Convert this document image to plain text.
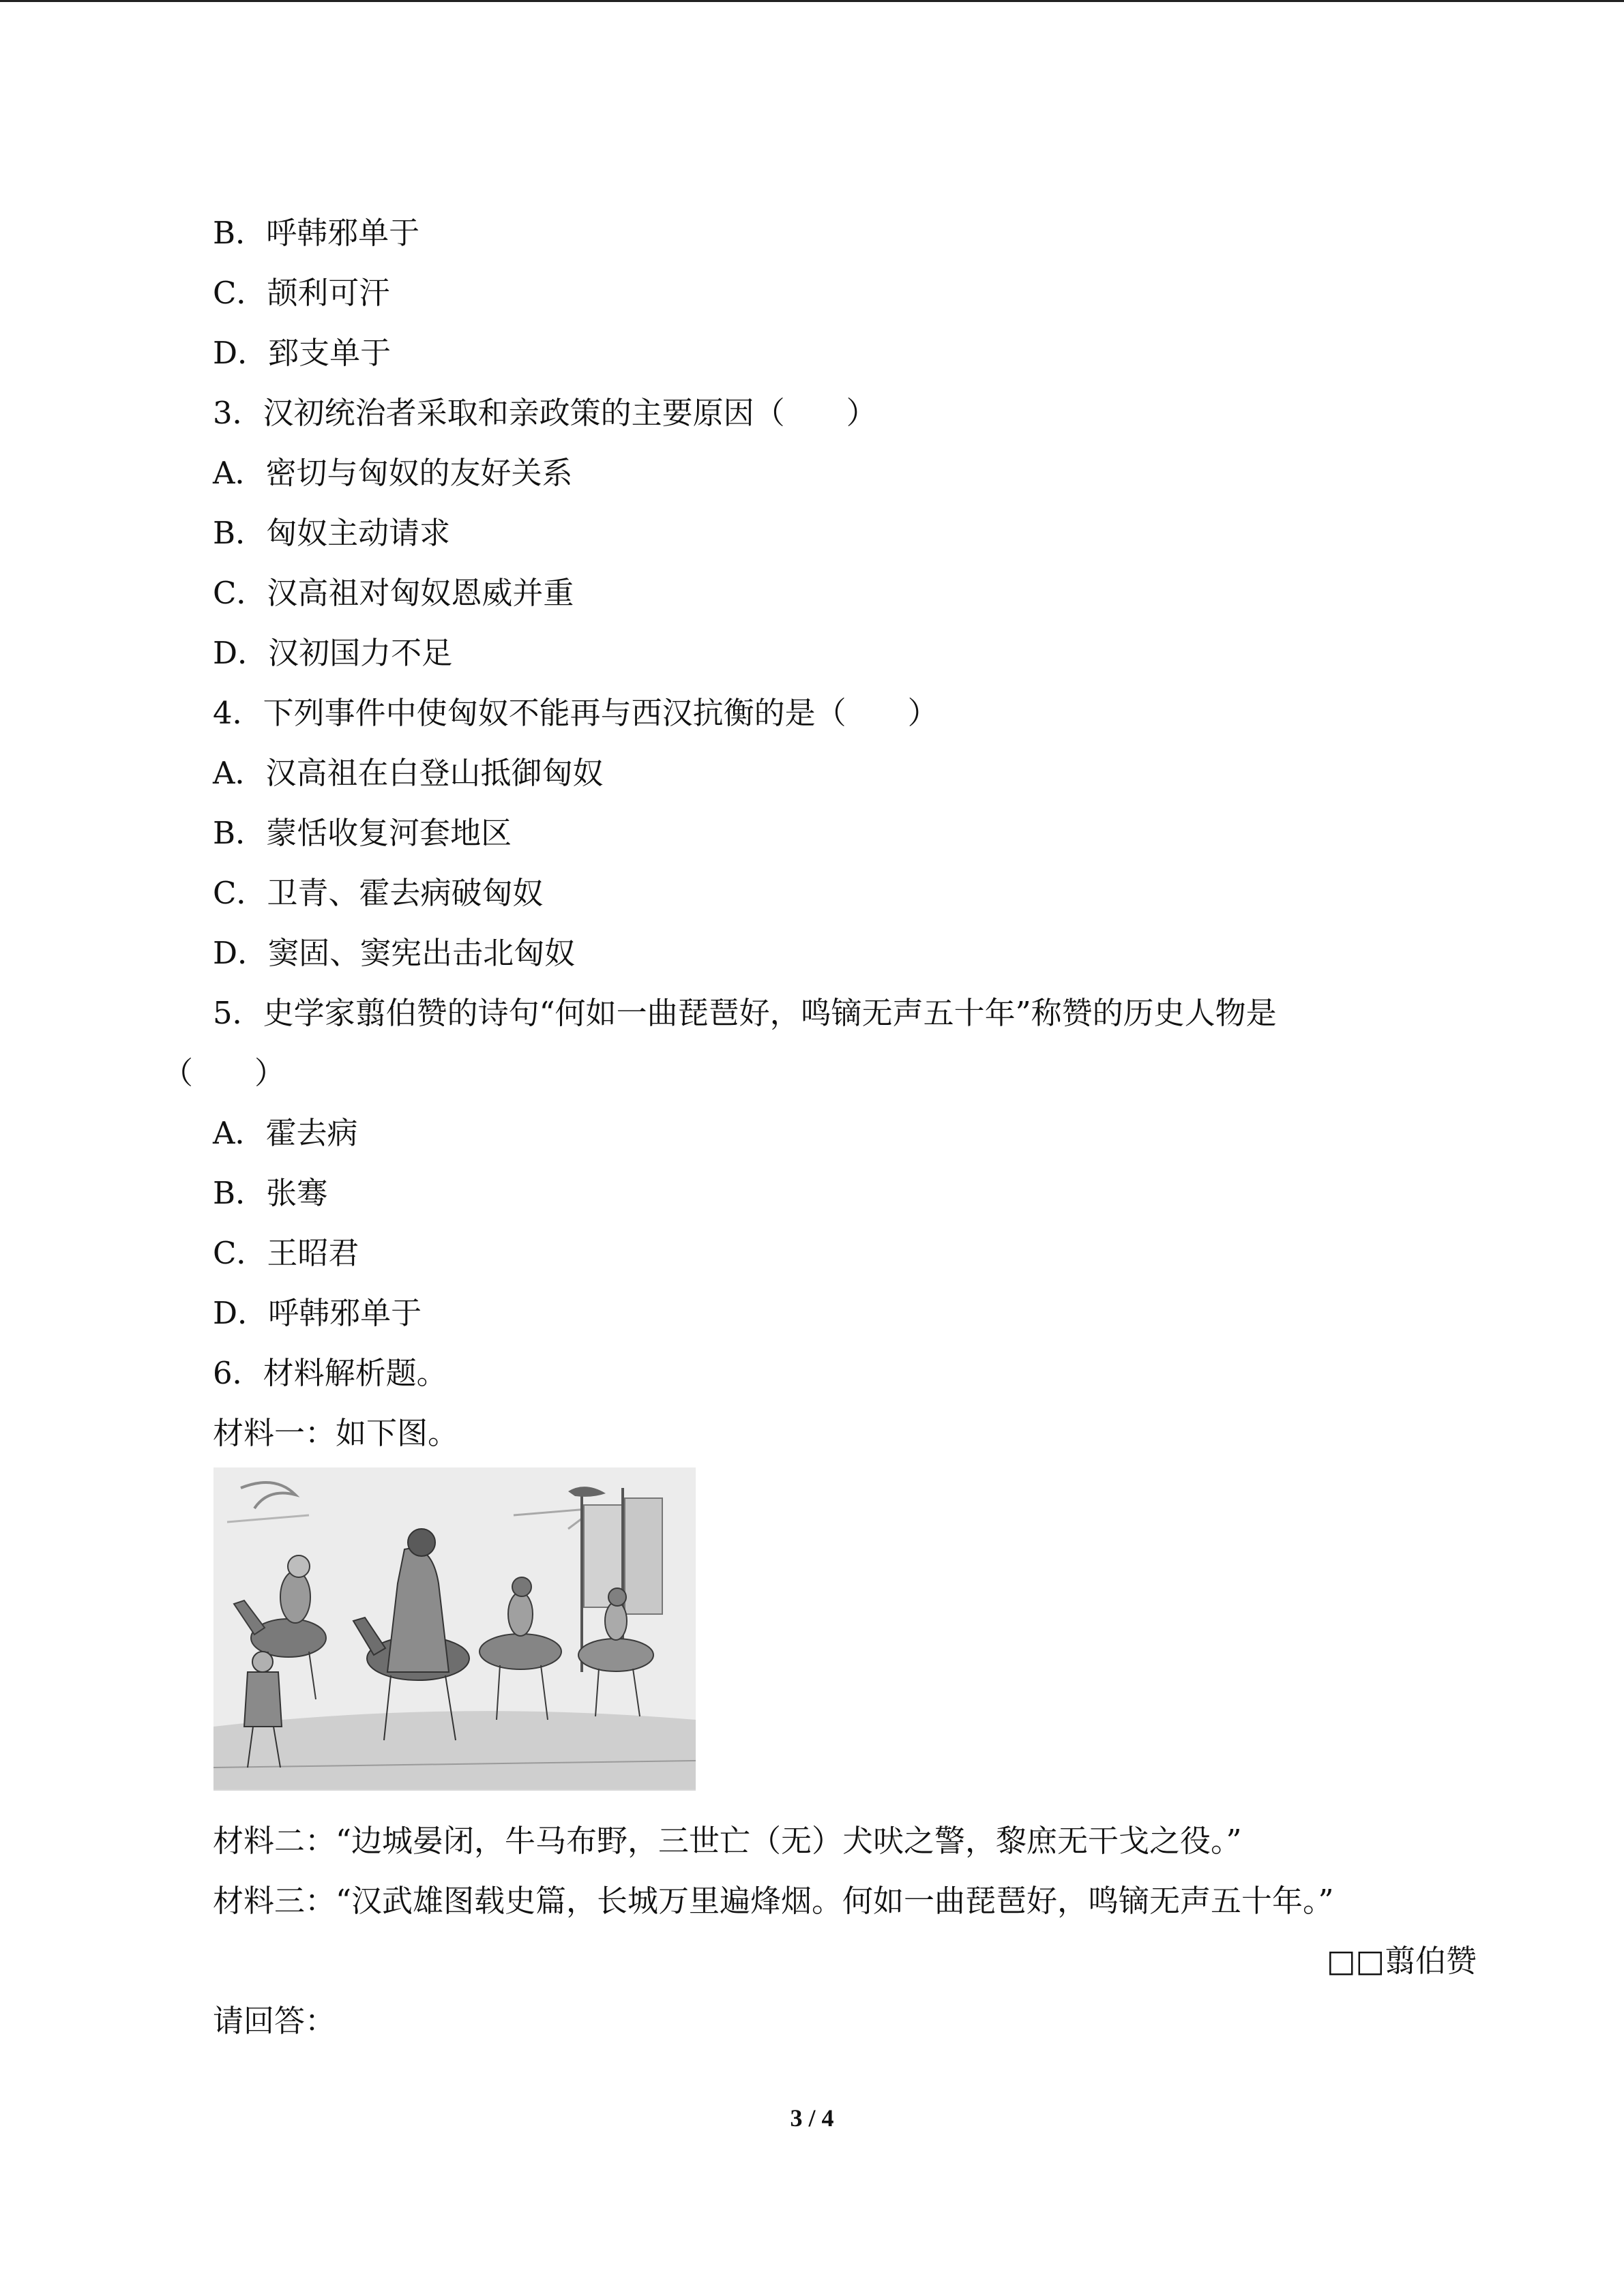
B．呼韩邪单于
C．颉利可汗
D．郅支单于
3．汉初统治者采取和亲政策的主要原因（　　）
A．密切与匈奴的友好关系
B．匈奴主动请求
C．汉高祖对匈奴恩威并重
D．汉初国力不足
4．下列事件中使匈奴不能再与西汉抗衡的是（　　）
A．汉高祖在白登山抵御匈奴
B．蒙恬收复河套地区
C．卫青、霍去病破匈奴
D．窦固、窦宪出击北匈奴
5．史学家翦伯赞的诗句“何如一曲琵琶好，鸣镝无声五十年”称赞的历史人物是
（　　）
A．霍去病
B．张骞
C．王昭君
D．呼韩邪单于
6．材料解析题。
材料一：如下图。
材料二：“边城晏闭，牛马布野，三世亡（无）犬吠之警，黎庶无干戈之役。”
材料三：“汉武雄图载史篇，长城万里遍烽烟。何如一曲琵琶好，鸣镝无声五十年。”
□□翦伯赞
请回答：
3 / 4
